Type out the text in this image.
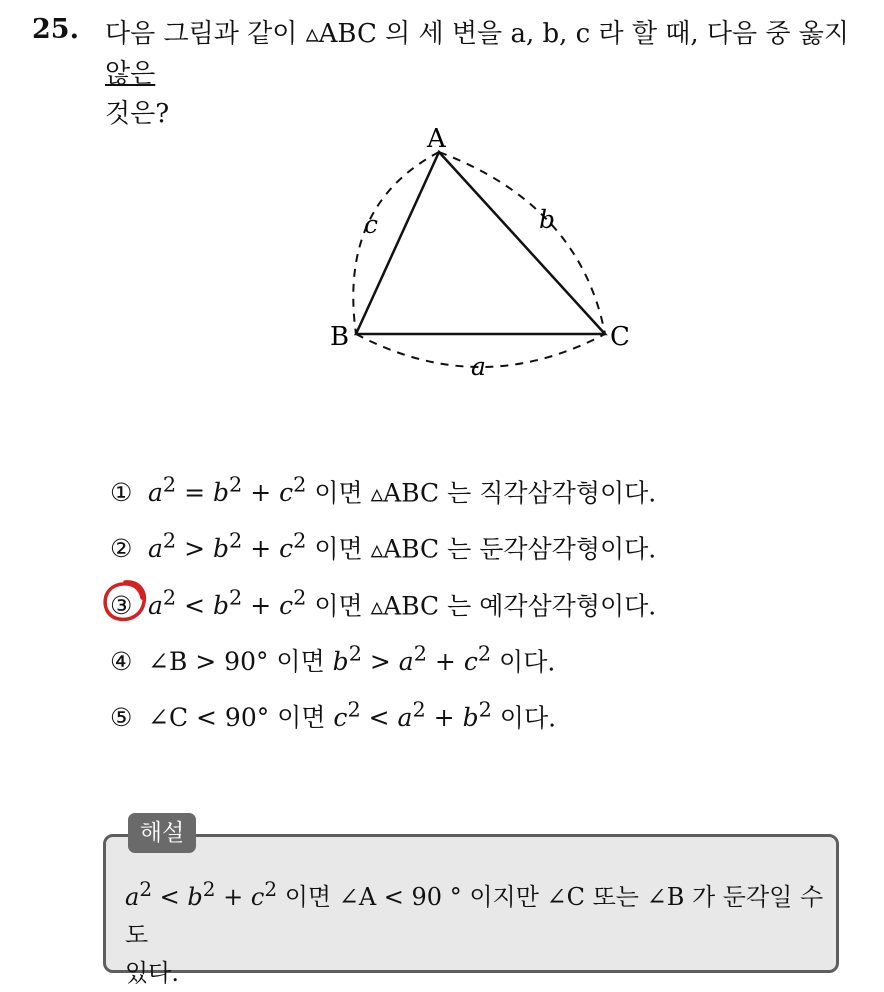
25. 다음 그림과 같이 ▵ABC 의 세 변을 a, b, c 라 할 때, 다음 중 옳지 않은
것은?
A
B	C
a
b
c
① $a^2 = b^2 + c^2$ 이면 ▵ABC 는 직각삼각형이다.
② $a^2 > b^2 + c^2$ 이면 ▵ABC 는 둔각삼각형이다.
③ $a^2 < b^2 + c^2$ 이면 ▵ABC 는 예각삼각형이다.
④ ∠B > 90° 이면 $b^2 > a^2 + c^2$ 이다.
⑤ ∠C < 90° 이면 $c^2 < a^2 + b^2$ 이다.
해설
$a^2 < b^2 + c^2$ 이면 ∠A < 90 ° 이지만 ∠C 또는 ∠B 가 둔각일 수도
있다.
